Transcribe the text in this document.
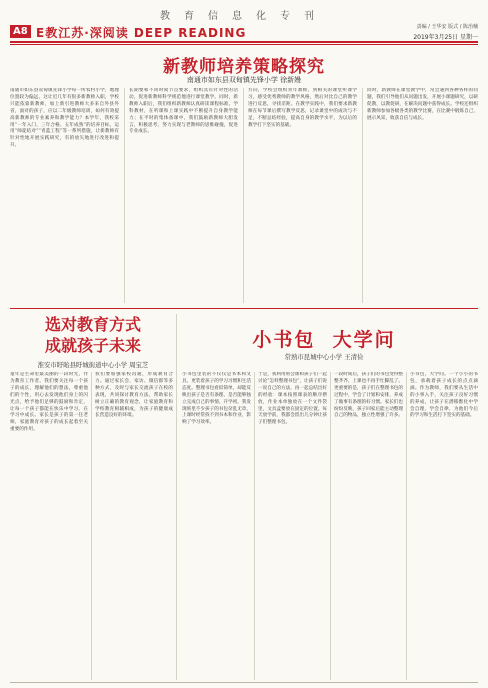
教育信息化专刊
A8 E教江苏·深阅读 DEEP READING	责编 / 王华安 版式 / 陈治楠
2019年3月25日 星期一
新教师培养策略探究
南通市如东县双甸镇先锋小学 徐新嫚
南通市如东县双甸镇先锋小学每一所农村小学，地理位置较为偏远，这让近几年有很多新教师入职，学校只能依靠新教师，加上新引进教师大多来自外县外省，面对的孩子，应以二年级教师培训，如何有效提高新教师的专业素养和教学能力？本学年，我校采用“一年入门、三年合格、五年成熟”的培养目标，运用“师徒结对”“青蓝工程”等一系列措施，让新教师有针对性地开展实践研究，有的放矢地进行改进和提升。
长期要和不同时间节点要求，组织具有针对性的活动，促进新教师科学规范地进行课堂教学。同时，新教师入职后，我们组织新教师认真研读课程标准、学科教材，在听课和上课实践中不断提升自身教学能力；在平时的集体备课中，我们鼓励新教师大胆发言，积极思考，努力实现与老教师的思维碰撞，促进专业成长。
方向，学校会组织青年教师，到相关的课堂听课学习，感受优秀教师的教学风格，然后对比自己的教学进行反思，寻找差距。在教学实践中，我们要求新教师在每节课后撰写教学反思，记录课堂中的成功与不足，不断总结经验，提高自身的教学水平，为以后的教学打下坚实的基础。
同时，新教师在课堂教学中，常会遇到各种各样的问题，我们引导他们从问题出发，开展小课题研究，以研促教，以教促研，在解决问题中获得成长。学校还组织新教师参加各级各类的教学比赛，在比赛中锻炼自己，展示风采，收获自信与成长。
选对教育方式
成就孩子未来
淮安市盱眙县盱城街道中心小学 周宝芝
童年是生命里最美丽的一段时光，作为教育工作者，我们要关注每一个孩子的成长，理解他们的想法，尊重他们的个性，用心去发现他们身上的闪光点，给予他们足够的鼓励和肯定，让每一个孩子都能在快乐中学习、在学习中成长。家长是孩子的第一任老师，家庭教育对孩子的成长起着至关重要的作用。
我们要加强家校沟通，形成教育合力。通过家长会、家访、微信群等多种方式，及时与家长交流孩子在校的表现，共同探讨教育方法，帮助家长树立正确的教育观念，让家庭教育和学校教育相辅相成，为孩子的健康成长营造良好的环境。
小书包  大学问
常熟市昆城中心小学 王清俭
小书包里装的不仅仅是书本和文具，更装着孩子的学习习惯和生活态度。整理书包看似简单，却能反映出孩子是否有条理、是否能够独立完成自己的事情。开学初，我发现班里不少孩子的书包杂乱无章，上课时经常找不到书本和作业，影响了学习效率。
于是，我利用班会课和孩子们一起讨论“怎样整理书包”，让孩子们说一说自己的方法，再一起总结出好的经验：课本按照课表的顺序摆放，作业本单独放在一个文件袋里，文具盒要放在固定的位置。每天放学前，我都会留出几分钟让孩子们整理书包。
一段时间后，孩子们的书包变得整整齐齐，上课也不再手忙脚乱了。更重要的是，孩子们在整理书包的过程中，学会了计划和安排，养成了做事有条理的好习惯。家长们也纷纷反映，孩子回家后能主动整理自己的物品，独立性增强了许多。
小书包，大学问。一个小小的书包，承载着孩子成长的点点滴滴。作为教师，我们要从生活中的小事入手，关注孩子良好习惯的养成，让孩子在潜移默化中学会自理、学会自律，为他们今后的学习和生活打下坚实的基础。
